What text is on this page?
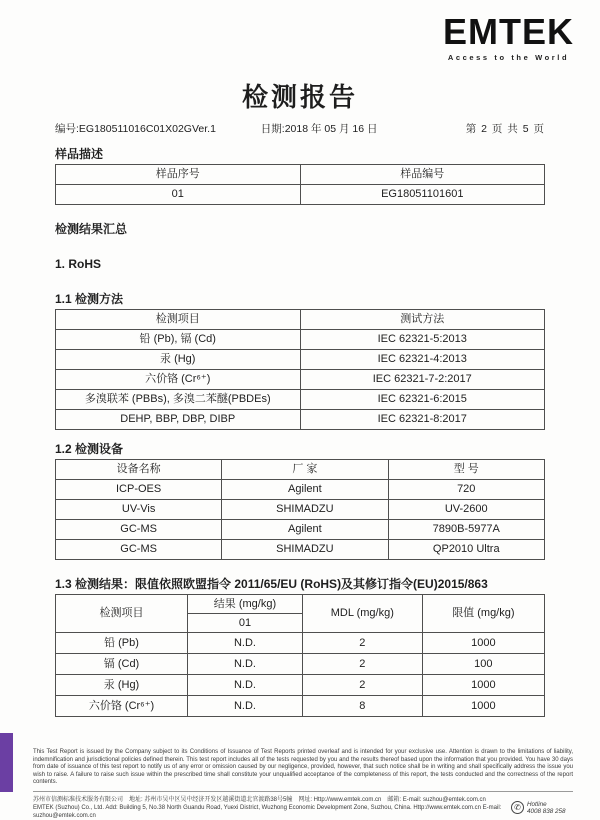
EMTEK
Access to the World
检测报告
编号:EG180511016C01X02GVer.1	日期:2018 年 05 月 16 日	第 2 页 共 5 页
样品描述
样品序号	样品编号
01	EG18051101601
检测结果汇总
1. RoHS
1.1 检测方法
检测项目	测试方法
铅 (Pb), 镉 (Cd)	IEC 62321-5:2013
汞 (Hg)	IEC 62321-4:2013
六价铬 (Cr⁶⁺)	IEC 62321-7-2:2017
多溴联苯 (PBBs), 多溴二苯醚(PBDEs)	IEC 62321-6:2015
DEHP, BBP, DBP, DIBP	IEC 62321-8:2017
1.2 检测设备
设备名称	厂 家	型 号
ICP-OES	Agilent	720
UV-Vis	SHIMADZU	UV-2600
GC-MS	Agilent	7890B-5977A
GC-MS	SHIMADZU	QP2010 Ultra
1.3 检测结果：限值依照欧盟指令 2011/65/EU (RoHS)及其修订指令(EU)2015/863
检测项目	结果 (mg/kg)	MDL (mg/kg)	限值 (mg/kg)
	01		
铅 (Pb)	N.D.	2	1000
镉 (Cd)	N.D.	2	100
汞 (Hg)	N.D.	2	1000
六价铬 (Cr⁶⁺)	N.D.	8	1000
This Test Report is issued by the Company subject to its Conditions of Issuance of Test Reports printed overleaf and is intended for your exclusive use. Attention is drawn to the limitations of liability, indemnification and jurisdictional policies defined therein. This test report includes all of the tests requested by you and the results thereof based upon the information that you provided. You have 30 days from date of issuance of this test report to notify us of any error or omission caused by our negligence, provided, however, that such notice shall be in writing and shall specifically address the issue you wish to raise. A failure to raise such issue within the prescribed time shall constitute your unqualified acceptance of the completeness of this report, the tests conducted and the correctness of the report contents.
苏州市信测标准技术服务有限公司　地址: 苏州市吴中区吴中经济开发区越溪街道北官渡路38号5幢　网址: Http://www.emtek.com.cn　邮箱: E-mail: suzhou@emtek.com.cn
EMTEK (Suzhou) Co., Ltd. Add: Building 5, No.38 North Guandu Road, Yuexi District, Wuzhong Economic Development Zone, Suzhou, China. Http://www.emtek.com.cn E-mail: suzhou@emtek.com.cn
✆ Hotline
4008 838 258
